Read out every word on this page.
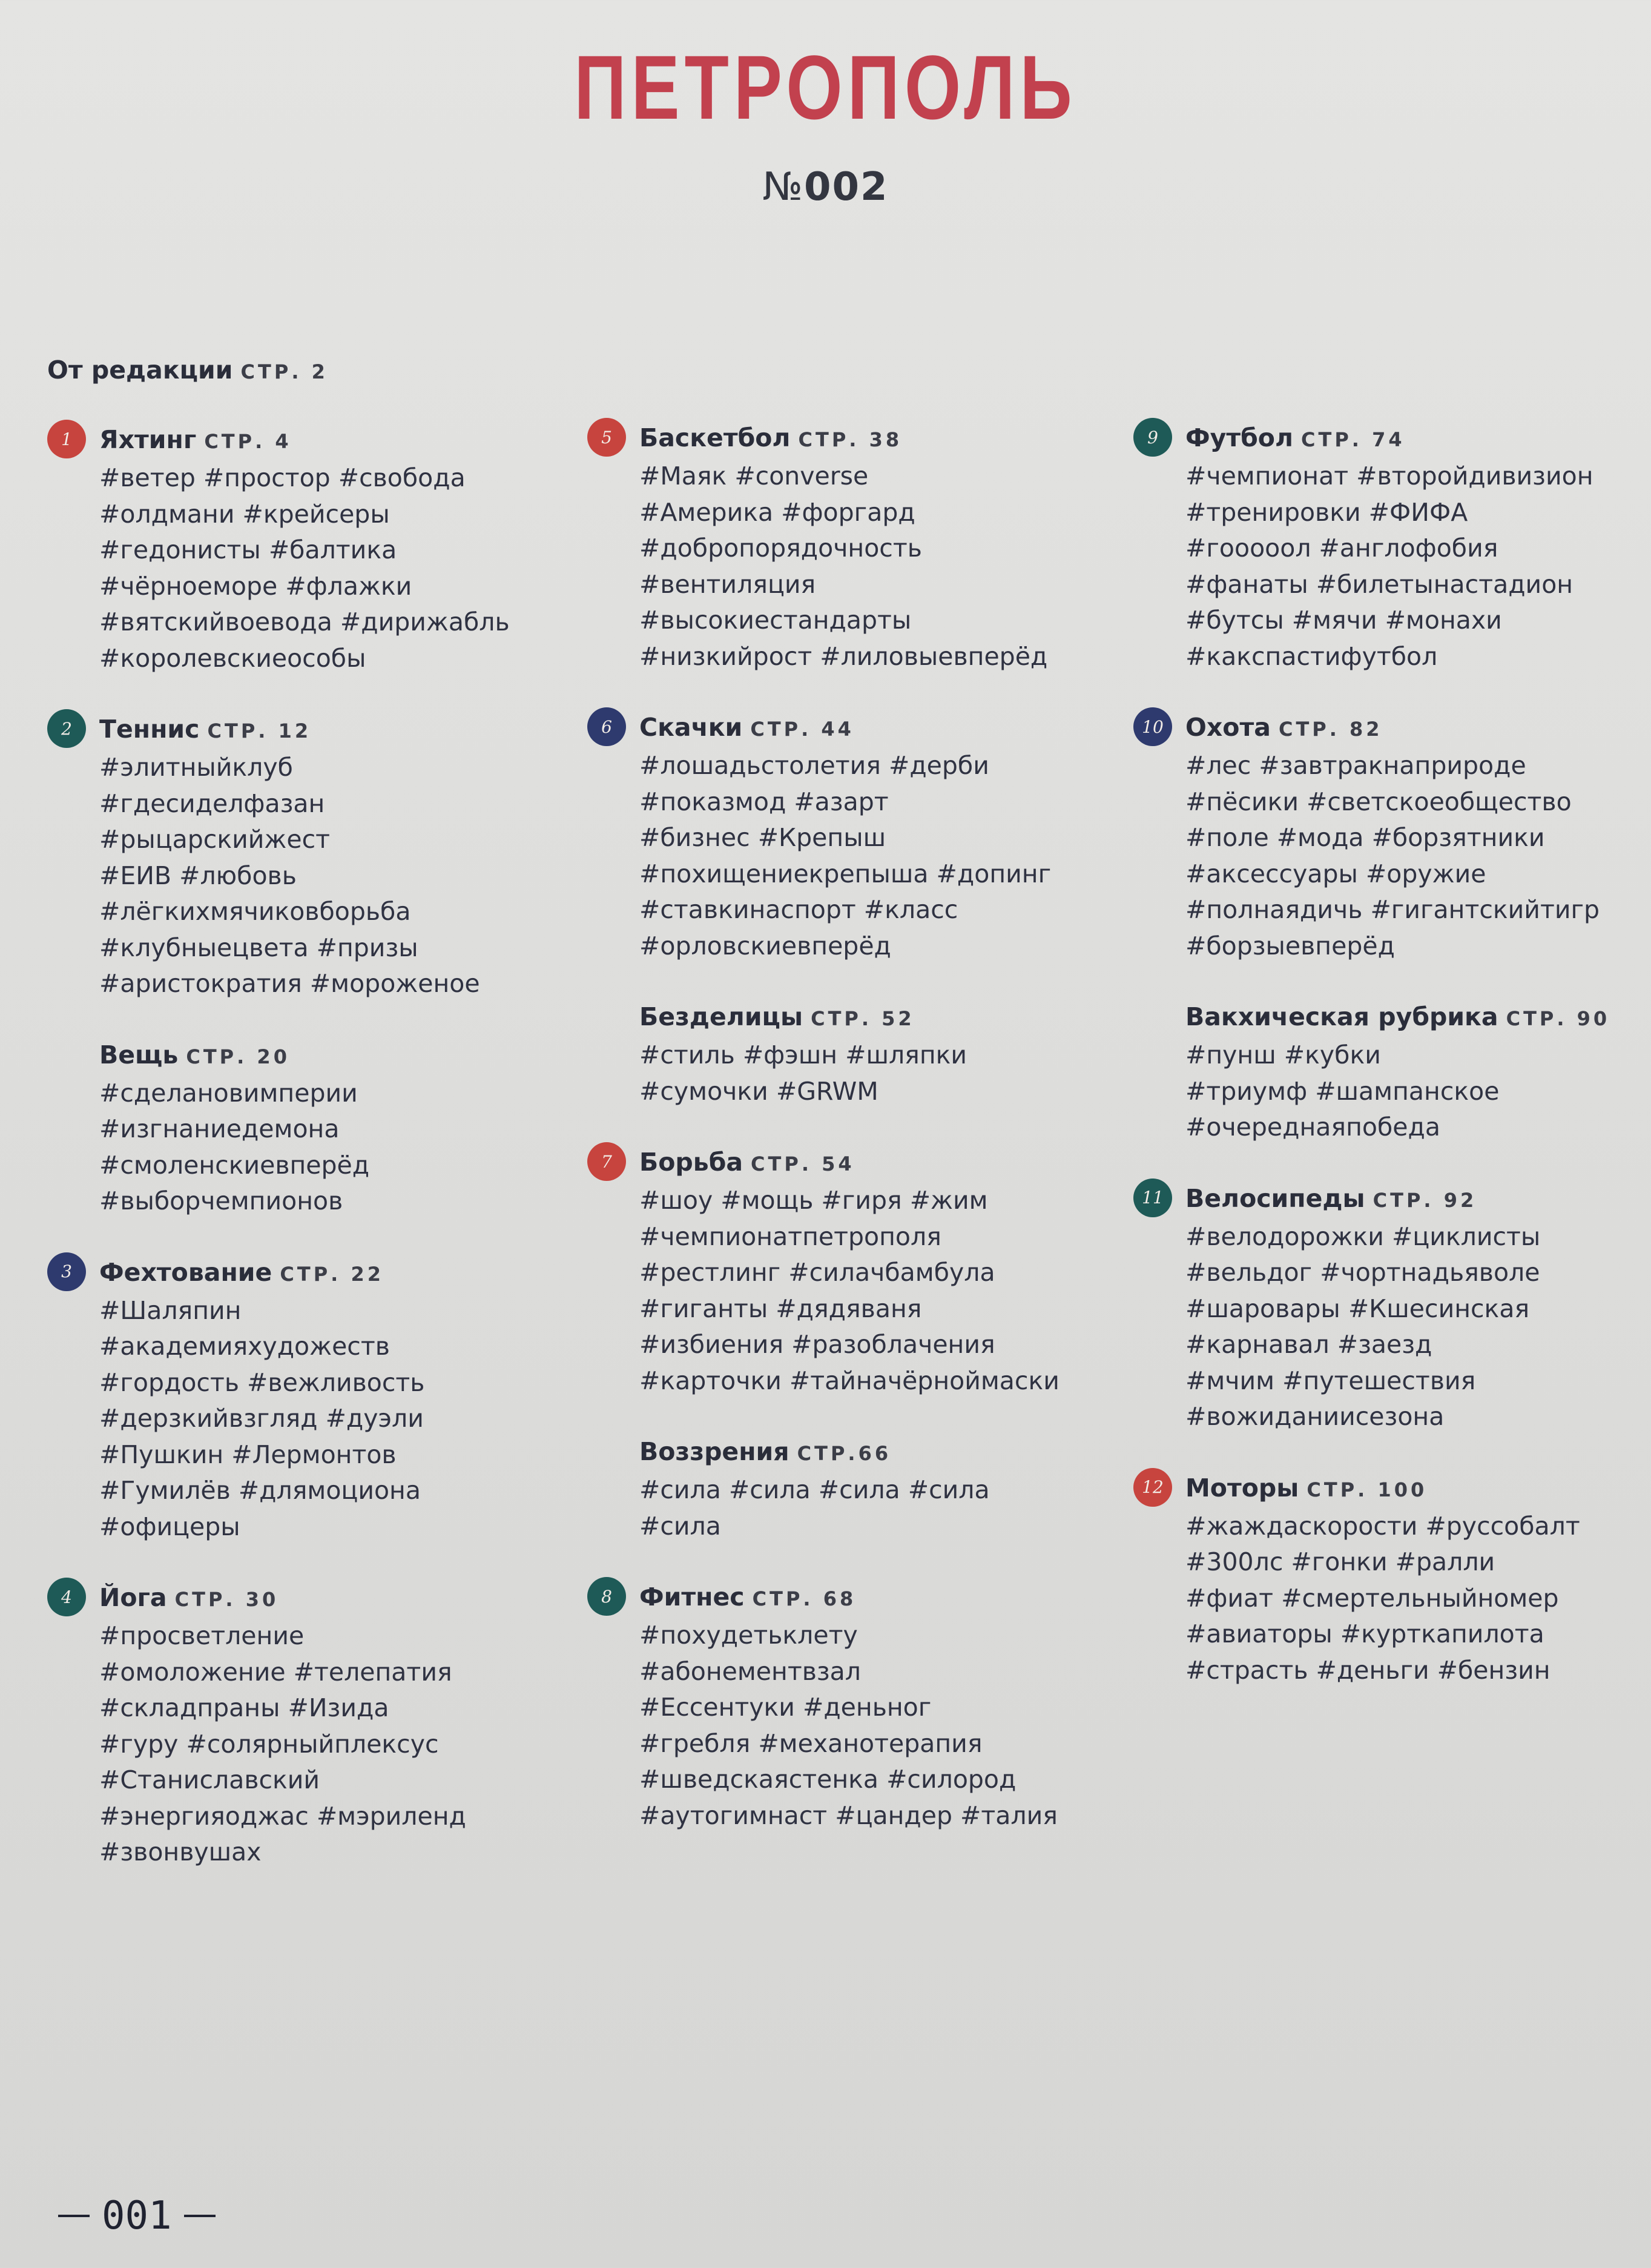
ПЕТРОПОЛЬ
№002
От редакции СТР. 2
1	Яхтинг СТР. 4
#ветер #простор #свобода
#олдмани #крейсеры
#гедонисты #балтика
#чёрноеморе #флажки
#вятскийвоевода #дирижабль
#королевскиеособы
2	Теннис СТР. 12
#элитныйклуб
#гдесиделфазан
#рыцарскийжест
#ЕИВ #любовь
#лёгкихмячиковборьба
#клубныецвета #призы
#аристократия #мороженое
Вещь СТР. 20
#сделановимперии
#изгнаниедемона
#смоленскиевперёд
#выборчемпионов
3	Фехтование СТР. 22
#Шаляпин
#академияхудожеств
#гордость #вежливость
#дерзкийвзгляд #дуэли
#Пушкин #Лермонтов
#Гумилёв #длямоциона
#офицеры
4	Йога СТР. 30
#просветление
#омоложение #телепатия
#складпраны #Изида
#гуру #солярныйплексус
#Станиславский
#энергияоджас #мэриленд
#звонвушах
5	Баскетбол СТР. 38
#Маяк #converse
#Америка #форгард
#добропорядочность
#вентиляция
#высокиестандарты
#низкийрост #лиловыевперёд
6	Скачки СТР. 44
#лошадьстолетия #дерби
#показмод #азарт
#бизнес #Крепыш
#похищениекрепыша #допинг
#ставкинаспорт #класс
#орловскиевперёд
Безделицы СТР. 52
#стиль #фэшн #шляпки
#сумочки #GRWM
7	Борьба СТР. 54
#шоу #мощь #гиря #жим
#чемпионатпетрополя
#рестлинг #силачбамбула
#гиганты #дядяваня
#избиения #разоблачения
#карточки #тайначёрноймаски
Воззрения СТР.66
#сила #сила #сила #сила
#сила
8	Фитнес СТР. 68
#похудетьклету
#абонементвзал
#Ессентуки #деньног
#гребля #механотерапия
#шведскаястенка #силород
#аутогимнаст #цандер #талия
9	Футбол СТР. 74
#чемпионат #второйдивизион
#тренировки #ФИФА
#гооооол #англофобия
#фанаты #билетынастадион
#бутсы #мячи #монахи
#какспастифутбол
10 Охота СТР. 82
#лес #завтракнаприроде
#пёсики #светскоеобщество
#поле #мода #борзятники
#аксессуары #оружие
#полнаядичь #гигантскийтигр
#борзыевперёд
Вакхическая рубрика СТР. 90
#пунш #кубки
#триумф #шампанское
#очереднаяпобеда
11 Велосипеды СТР. 92
#велодорожки #циклисты
#вельдог #чортнадьяволе
#шаровары #Кшесинская
#карнавал #заезд
#мчим #путешествия
#вожиданиисезона
12 Моторы СТР. 100
#жаждаскорости #руссобалт
#300лс #гонки #ралли
#фиат #смертельныйномер
#авиаторы #курткапилота
#страсть #деньги #бензин
001
